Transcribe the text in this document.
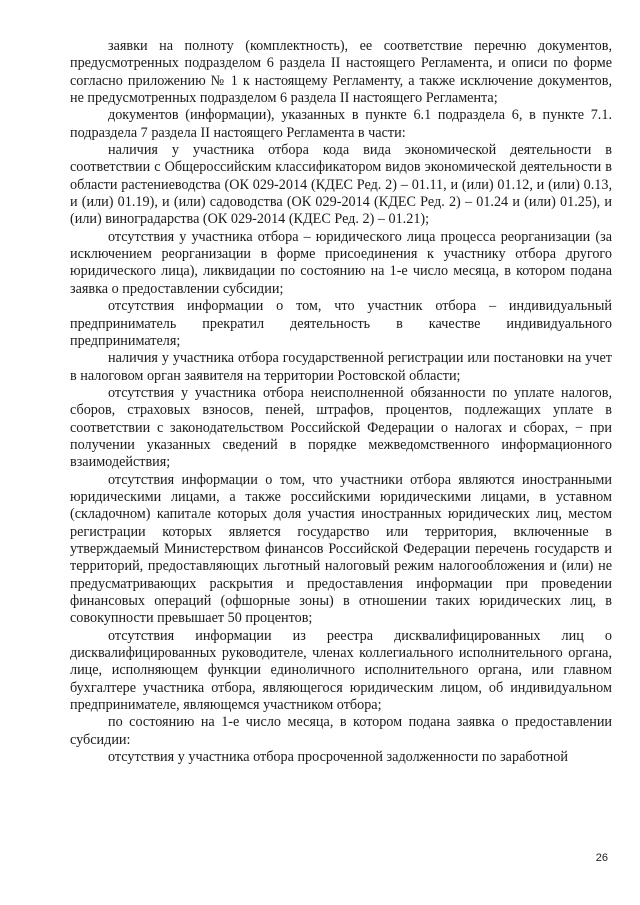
заявки на полноту (комплектность), ее соответствие перечню документов, предусмотренных подразделом 6 раздела II настоящего Регламента, и описи по форме согласно приложению № 1 к настоящему Регламенту, а также исключение документов, не предусмотренных подразделом 6 раздела II настоящего Регламента;

документов (информации), указанных в пункте 6.1 подраздела 6, в пункте 7.1. подраздела 7 раздела II настоящего Регламента в части:

наличия у участника отбора кода вида экономической деятельности в соответствии с Общероссийским классификатором видов экономической деятельности в области растениеводства (ОК 029-2014 (КДЕС Ред. 2) – 01.11, и (или) 01.12, и (или) 0.13, и (или) 01.19), и (или) садоводства (ОК 029-2014 (КДЕС Ред. 2) – 01.24 и (или) 01.25), и (или) виноградарства (ОК 029-2014 (КДЕС Ред. 2) – 01.21);

отсутствия у участника отбора – юридического лица процесса реорганизации (за исключением реорганизации в форме присоединения к участнику отбора другого юридического лица), ликвидации по состоянию на 1-е число месяца, в котором подана заявка о предоставлении субсидии;

отсутствия информации о том, что участник отбора – индивидуальный предприниматель прекратил деятельность в качестве индивидуального предпринимателя;

наличия у участника отбора государственной регистрации или постановки на учет в налоговом орган заявителя на территории Ростовской области;

отсутствия у участника отбора неисполненной обязанности по уплате налогов, сборов, страховых взносов, пеней, штрафов, процентов, подлежащих уплате в соответствии с законодательством Российской Федерации о налогах и сборах, − при получении указанных сведений в порядке межведомственного информационного взаимодействия;

отсутствия информации о том, что участники отбора являются иностранными юридическими лицами, а также российскими юридическими лицами, в уставном (складочном) капитале которых доля участия иностранных юридических лиц, местом регистрации которых является государство или территория, включенные в утверждаемый Министерством финансов Российской Федерации перечень государств и территорий, предоставляющих льготный налоговый режим налогообложения и (или) не предусматривающих раскрытия и предоставления информации при проведении финансовых операций (офшорные зоны) в отношении таких юридических лиц, в совокупности превышает 50 процентов;

отсутствия информации из реестра дисквалифицированных лиц о дисквалифицированных руководителе, членах коллегиального исполнительного органа, лице, исполняющем функции единоличного исполнительного органа, или главном бухгалтере участника отбора, являющегося юридическим лицом, об индивидуальном предпринимателе, являющемся участником отбора;

по состоянию на 1-е число месяца, в котором подана заявка о предоставлении субсидии:

отсутствия у участника отбора просроченной задолженности по заработной

26
